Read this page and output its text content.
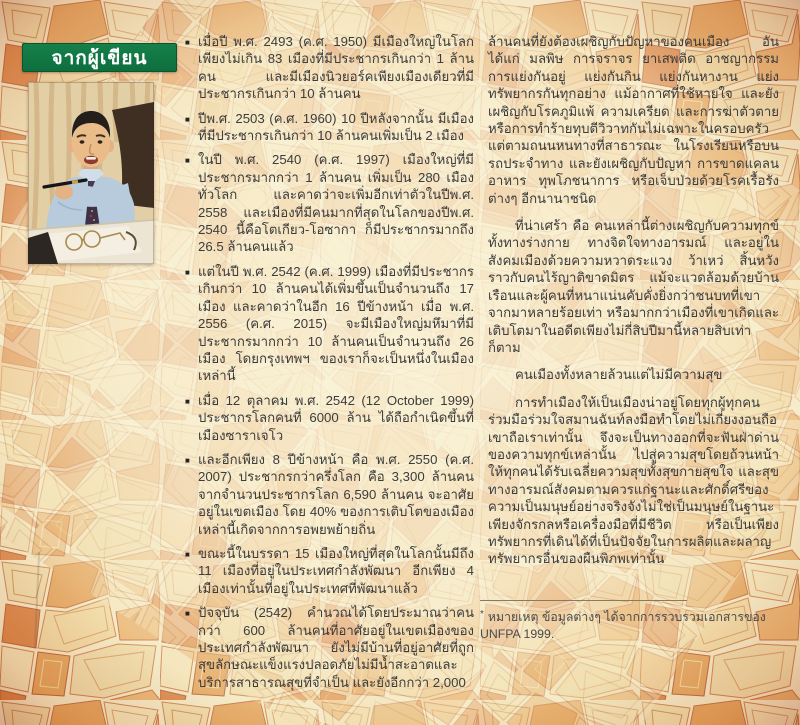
จากผู้เขียน
■ เมื่อปี พ.ศ. 2493 (ค.ศ. 1950) มีเมืองใหญ่ในโลกเพียงไม่เกิน 83 เมืองที่มีประชากรเกินกว่า 1 ล้านคน และมีเมืองนิวยอร์คเพียงเมืองเดียวที่มีประชากรเกินกว่า 10 ล้านคน
■ ปีพ.ศ. 2503 (ค.ศ. 1960) 10 ปีหลังจากนั้น มีเมืองที่มีประชากรเกินกว่า 10 ล้านคนเพิ่มเป็น 2 เมือง
■ ในปี พ.ศ. 2540 (ค.ศ. 1997) เมืองใหญ่ที่มีประชากรมากกว่า 1 ล้านคน เพิ่มเป็น 280 เมืองทั่วโลก และคาดว่าจะเพิ่มอีกเท่าตัวในปีพ.ศ. 2558 และเมืองที่มีคนมากที่สุดในโลกของปีพ.ศ. 2540 นี้คือโตเกียว-โอซากา ก็มีประชากรมากถึง 26.5 ล้านคนแล้ว
■ แต่ในปี พ.ศ. 2542 (ค.ศ. 1999) เมืองที่มีประชากรเกินกว่า 10 ล้านคนได้เพิ่มขึ้นเป็นจำนวนถึง 17 เมือง และคาดว่าในอีก 16 ปีข้างหน้า เมื่อ พ.ศ. 2556 (ค.ศ. 2015) จะมีเมืองใหญ่มหึมาที่มีประชากรมากกว่า 10 ล้านคนเป็นจำนวนถึง 26 เมือง โดยกรุงเทพฯ ของเราก็จะเป็นหนึ่งในเมืองเหล่านี้
■ เมื่อ 12 ตุลาคม พ.ศ. 2542 (12 October 1999) ประชากรโลกคนที่ 6000 ล้าน ได้ถือกำเนิดขึ้นที่เมืองซาราเจโว
■ และอีกเพียง 8 ปีข้างหน้า คือ พ.ศ. 2550 (ค.ศ. 2007) ประชากรกว่าครึ่งโลก คือ 3,300 ล้านคนจากจำนวนประชากรโลก 6,590 ล้านคน จะอาศัยอยู่ในเขตเมือง โดย 40% ของการเติบโตของเมืองเหล่านี้เกิดจากการอพยพย้ายถิ่น
■ ขณะนี้ในบรรดา 15 เมืองใหญ่ที่สุดในโลกนั้นมีถึง 11 เมืองที่อยู่ในประเทศกำลังพัฒนา อีกเพียง 4 เมืองเท่านั้นที่อยู่ในประเทศที่พัฒนาแล้ว
■ ปัจจุบัน (2542) คำนวณได้โดยประมาณว่าคนกว่า 600 ล้านคนที่อาศัยอยู่ในเขตเมืองของประเทศกำลังพัฒนา ยังไม่มีบ้านที่อยู่อาศัยที่ถูกสุขลักษณะแข็งแรงปลอดภัยไม่มีน้ำสะอาดและบริการสาธารณสุขที่จำเป็น และยังอีกกว่า 2,000

ล้านคนที่ยังต้องเผชิญกับปัญหาของคนเมือง อันได้แก่ มลพิษ การจราจร ยาเสพติด อาชญากรรม การแย่งกันอยู่ แย่งกันกิน แย่งกันหางาน แย่งทรัพยากรกันทุกอย่าง แม้อากาศที่ใช้หายใจ และยังเผชิญกับโรคภูมิแพ้ ความเครียด และการฆ่าตัวตาย หรือการทำร้ายทุบตีวิวาทกันไม่เฉพาะในครอบครัว แต่ตามถนนหนทางที่สาธารณะ ในโรงเรียนหรือบนรถประจำทาง และยังเผชิญกับปัญหา การขาดแคลนอาหาร ทุพโภชนาการ หรือเจ็บป่วยด้วยโรคเรื้อรังต่างๆ อีกนานาชนิด

ที่น่าเศร้า คือ คนเหล่านี้ต่างเผชิญกับความทุกข์ ทั้งทางร่างกาย ทางจิตใจทางอารมณ์ และอยู่ในสังคมเมืองด้วยความหวาดระแวง ว้าเหว่ สิ้นหวัง ราวกับคนไร้ญาติขาดมิตร แม้จะแวดล้อมด้วยบ้านเรือนและผู้คนที่หนาแน่นคับคั่งยิ่งกว่าชนบทที่เขาจากมาหลายร้อยเท่า หรือมากกว่าเมืองที่เขาเกิดและเติบโตมาในอดีตเพียงไม่กี่สิบปีมานี้หลายสิบเท่าก็ตาม

คนเมืองทั้งหลายล้วนแต่ไม่มีความสุข

การทำเมืองให้เป็นเมืองน่าอยู่โดยทุกผู้ทุกคนร่วมมือร่วมใจสมานฉันท์ลงมือทำโดยไม่เกี่ยงงอนถือเขาถือเราเท่านั้น จึงจะเป็นทางออกที่จะฟันฝ่าด่านของความทุกข์เหล่านั้น ไปสู่ความสุขโดยถ้วนหน้าให้ทุกคนได้รับเฉลี่ยความสุขทั้งสุขกายสุขใจ และสุขทางอารมณ์สังคมตามควรแก่ฐานะและศักดิ์ศรีของความเป็นมนุษย์อย่างจริงจังไม่ใช่เป็นมนุษย์ในฐานะเพียงจักรกลหรือเครื่องมือที่มีชีวิต หรือเป็นเพียงทรัพยากรที่เดินได้ที่เป็นปัจจัยในการผลิตและผลาญทรัพยากรอื่นของผืนพิภพเท่านั้น

* หมายเหตุ ข้อมูลต่างๆ ได้จากการรวบรวมเอกสารของ UNFPA 1999.
